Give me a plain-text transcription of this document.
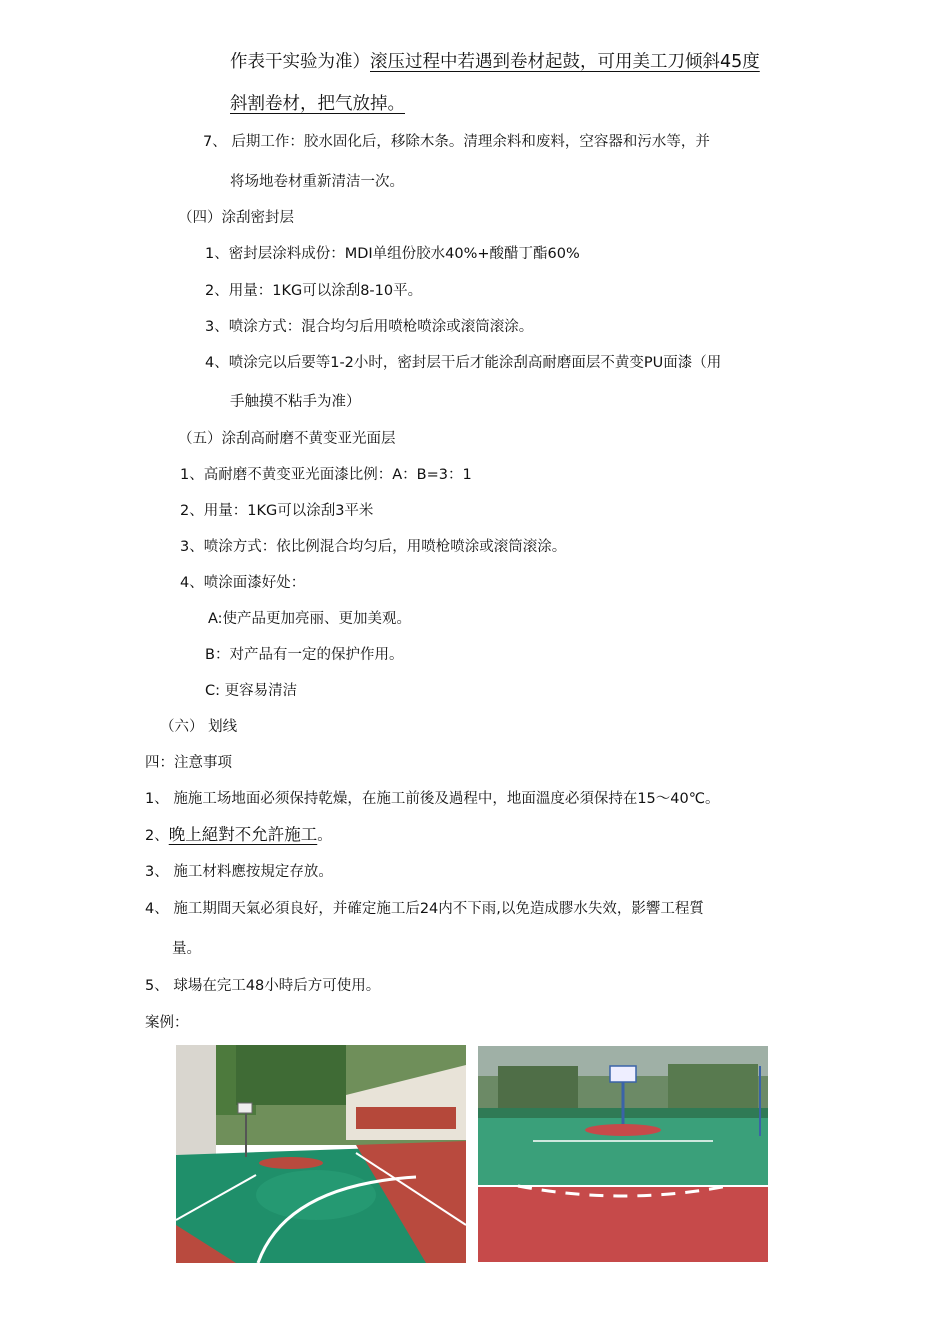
作表干实验为准）滚压过程中若遇到卷材起鼓，可用美工刀倾斜45度
斜割卷材，把气放掉。
7、 后期工作：胶水固化后，移除木条。清理余料和废料，空容器和污水等，并
将场地卷材重新清洁一次。
（四）涂刮密封层
1、密封层涂料成份：MDI单组份胶水40%+酸醋丁酯60%
2、用量：1KG可以涂刮8-10平。
3、喷涂方式：混合均匀后用喷枪喷涂或滚筒滚涂。
4、喷涂完以后要等1-2小时，密封层干后才能涂刮高耐磨面层不黄变PU面漆（用
手触摸不粘手为准）
（五）涂刮高耐磨不黄变亚光面层
1、高耐磨不黄变亚光面漆比例：A：B=3：1
2、用量：1KG可以涂刮3平米
3、喷涂方式：依比例混合均匀后，用喷枪喷涂或滚筒滚涂。
4、喷涂面漆好处：
A:使产品更加亮丽、更加美观。
B：对产品有一定的保护作用。
C: 更容易清洁
（六） 划线
四：注意事项
1、 施施工场地面必须保持乾燥，在施工前後及過程中，地面溫度必須保持在15～40℃。
2、晚上絕對不允許施工。
3、 施工材料應按規定存放。
4、 施工期間天氣必須良好，并確定施工后24内不下雨,以免造成膠水失效，影響工程質
量。
5、 球場在完工48小時后方可使用。
案例：
